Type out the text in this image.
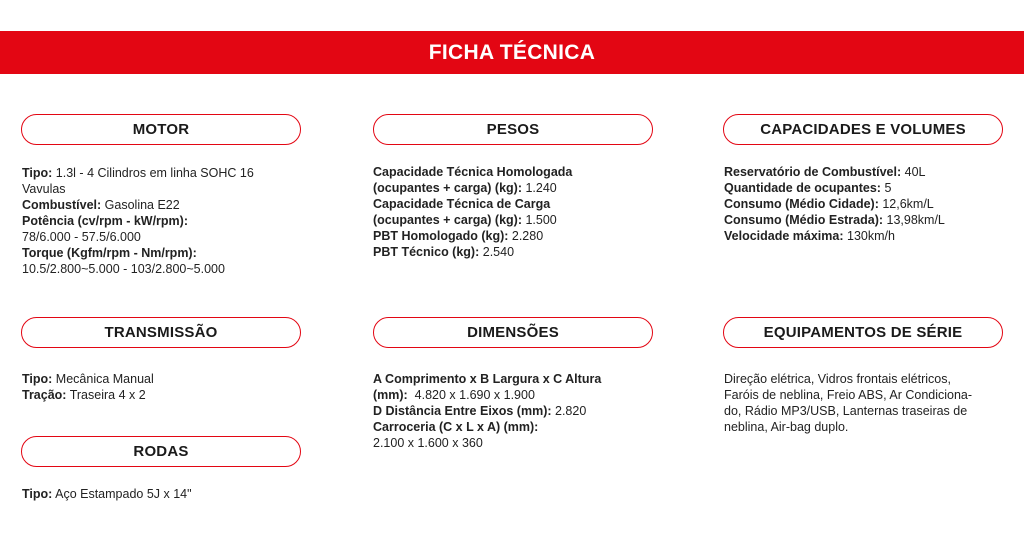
FICHA TÉCNICA
MOTOR
Tipo: 1.3l - 4 Cilindros em linha SOHC 16
Vavulas
Combustível: Gasolina E22
Potência (cv/rpm - kW/rpm):
78/6.000 - 57.5/6.000
Torque (Kgfm/rpm - Nm/rpm):
10.5/2.800~5.000 - 103/2.800~5.000
PESOS
Capacidade Técnica Homologada
(ocupantes + carga) (kg): 1.240
Capacidade Técnica de Carga
(ocupantes + carga) (kg): 1.500
PBT Homologado (kg): 2.280
PBT Técnico (kg): 2.540
CAPACIDADES E VOLUMES
Reservatório de Combustível: 40L
Quantidade de ocupantes: 5
Consumo (Médio Cidade): 12,6km/L
Consumo (Médio Estrada): 13,98km/L
Velocidade máxima: 130km/h
TRANSMISSÃO
Tipo: Mecânica Manual
Tração: Traseira 4 x 2
DIMENSÕES
A Comprimento x B Largura x C Altura
(mm):  4.820 x 1.690 x 1.900
D Distância Entre Eixos (mm): 2.820
Carroceria (C x L x A) (mm):
2.100 x 1.600 x 360
EQUIPAMENTOS DE SÉRIE
Direção elétrica, Vidros frontais elétricos,
Faróis de neblina, Freio ABS, Ar Condiciona-
do, Rádio MP3/USB, Lanternas traseiras de
neblina, Air-bag duplo.
RODAS
Tipo: Aço Estampado 5J x 14"
